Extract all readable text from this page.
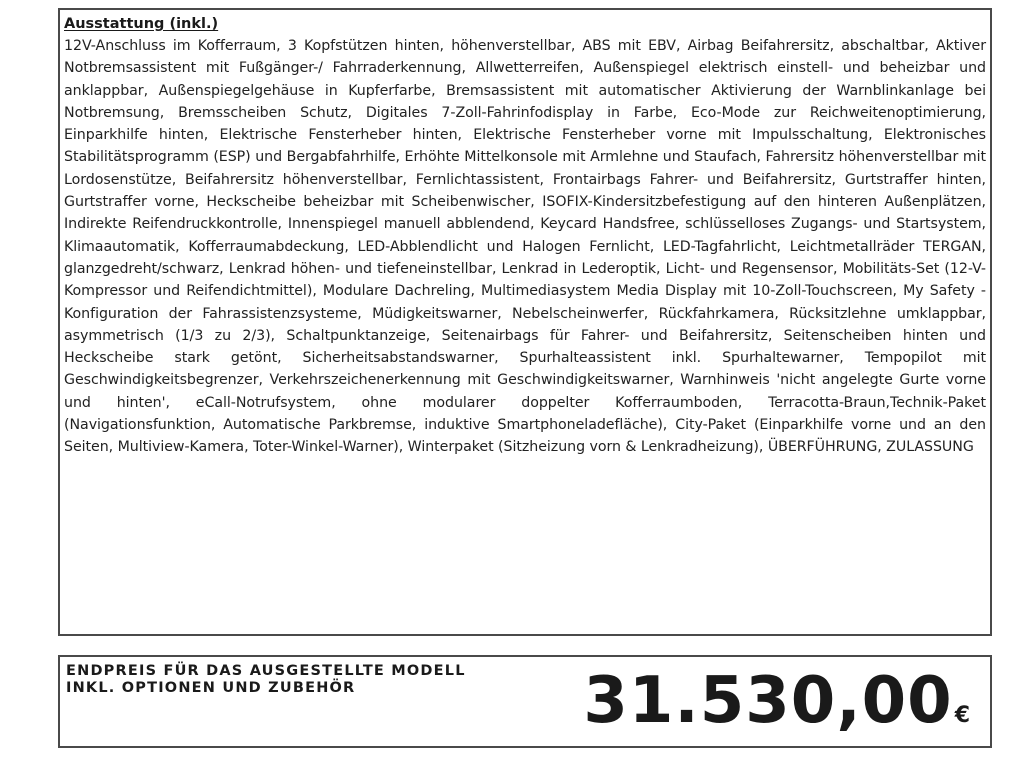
Ausstattung (inkl.)

12V-Anschluss im Kofferraum, 3 Kopfstützen hinten, höhenverstellbar, ABS mit EBV, Airbag Beifahrersitz, abschaltbar, Aktiver Notbremsassistent mit Fußgänger-/ Fahrraderkennung, Allwetterreifen, Außenspiegel elektrisch einstell- und beheizbar und anklappbar, Außenspiegelgehäuse in Kupferfarbe, Bremsassistent mit automatischer Aktivierung der Warnblinkanlage bei Notbremsung, Bremsscheiben Schutz, Digitales 7-Zoll-Fahrinfodisplay in Farbe, Eco-Mode zur Reichweitenoptimierung, Einparkhilfe hinten, Elektrische Fensterheber hinten, Elektrische Fensterheber vorne mit Impulsschaltung, Elektronisches Stabilitätsprogramm (ESP) und Bergabfahrhilfe, Erhöhte Mittelkonsole mit Armlehne und Staufach, Fahrersitz höhenverstellbar mit Lordosenstütze, Beifahrersitz höhenverstellbar, Fernlichtassistent, Frontairbags Fahrer- und Beifahrersitz, Gurtstraffer hinten, Gurtstraffer vorne, Heckscheibe beheizbar mit Scheibenwischer, ISOFIX-Kindersitzbefestigung auf den hinteren Außenplätzen, Indirekte Reifendruckkontrolle, Innenspiegel manuell abblendend, Keycard Handsfree, schlüsselloses Zugangs- und Startsystem, Klimaautomatik, Kofferraumabdeckung, LED-Abblendlicht und Halogen Fernlicht, LED-Tagfahrlicht, Leichtmetallräder TERGAN, glanzgedreht/schwarz, Lenkrad höhen- und tiefeneinstellbar, Lenkrad in Lederoptik, Licht- und Regensensor, Mobilitäts-Set (12-V-Kompressor und Reifendichtmittel), Modulare Dachreling, Multimediasystem Media Display mit 10-Zoll-Touchscreen, My Safety - Konfiguration der Fahrassistenzsysteme, Müdigkeitswarner, Nebelscheinwerfer, Rückfahrkamera, Rücksitzlehne umklappbar, asymmetrisch (1/3 zu 2/3), Schaltpunktanzeige, Seitenairbags für Fahrer- und Beifahrersitz, Seitenscheiben hinten und Heckscheibe stark getönt, Sicherheitsabstandswarner, Spurhalteassistent inkl. Spurhaltewarner, Tempopilot mit Geschwindigkeitsbegrenzer, Verkehrszeichenerkennung mit Geschwindigkeitswarner, Warnhinweis 'nicht angelegte Gurte vorne und hinten', eCall-Notrufsystem, ohne modularer doppelter Kofferraumboden, Terracotta-Braun,Technik-Paket (Navigationsfunktion, Automatische Parkbremse, induktive Smartphoneladefläche), City-Paket (Einparkhilfe vorne und an den Seiten, Multiview-Kamera, Toter-Winkel-Warner), Winterpaket (Sitzheizung vorn & Lenkradheizung), ÜBERFÜHRUNG, ZULASSUNG

ENDPREIS FÜR DAS AUSGESTELLTE MODELL INKL. OPTIONEN UND ZUBEHÖR	31.530,00 €
